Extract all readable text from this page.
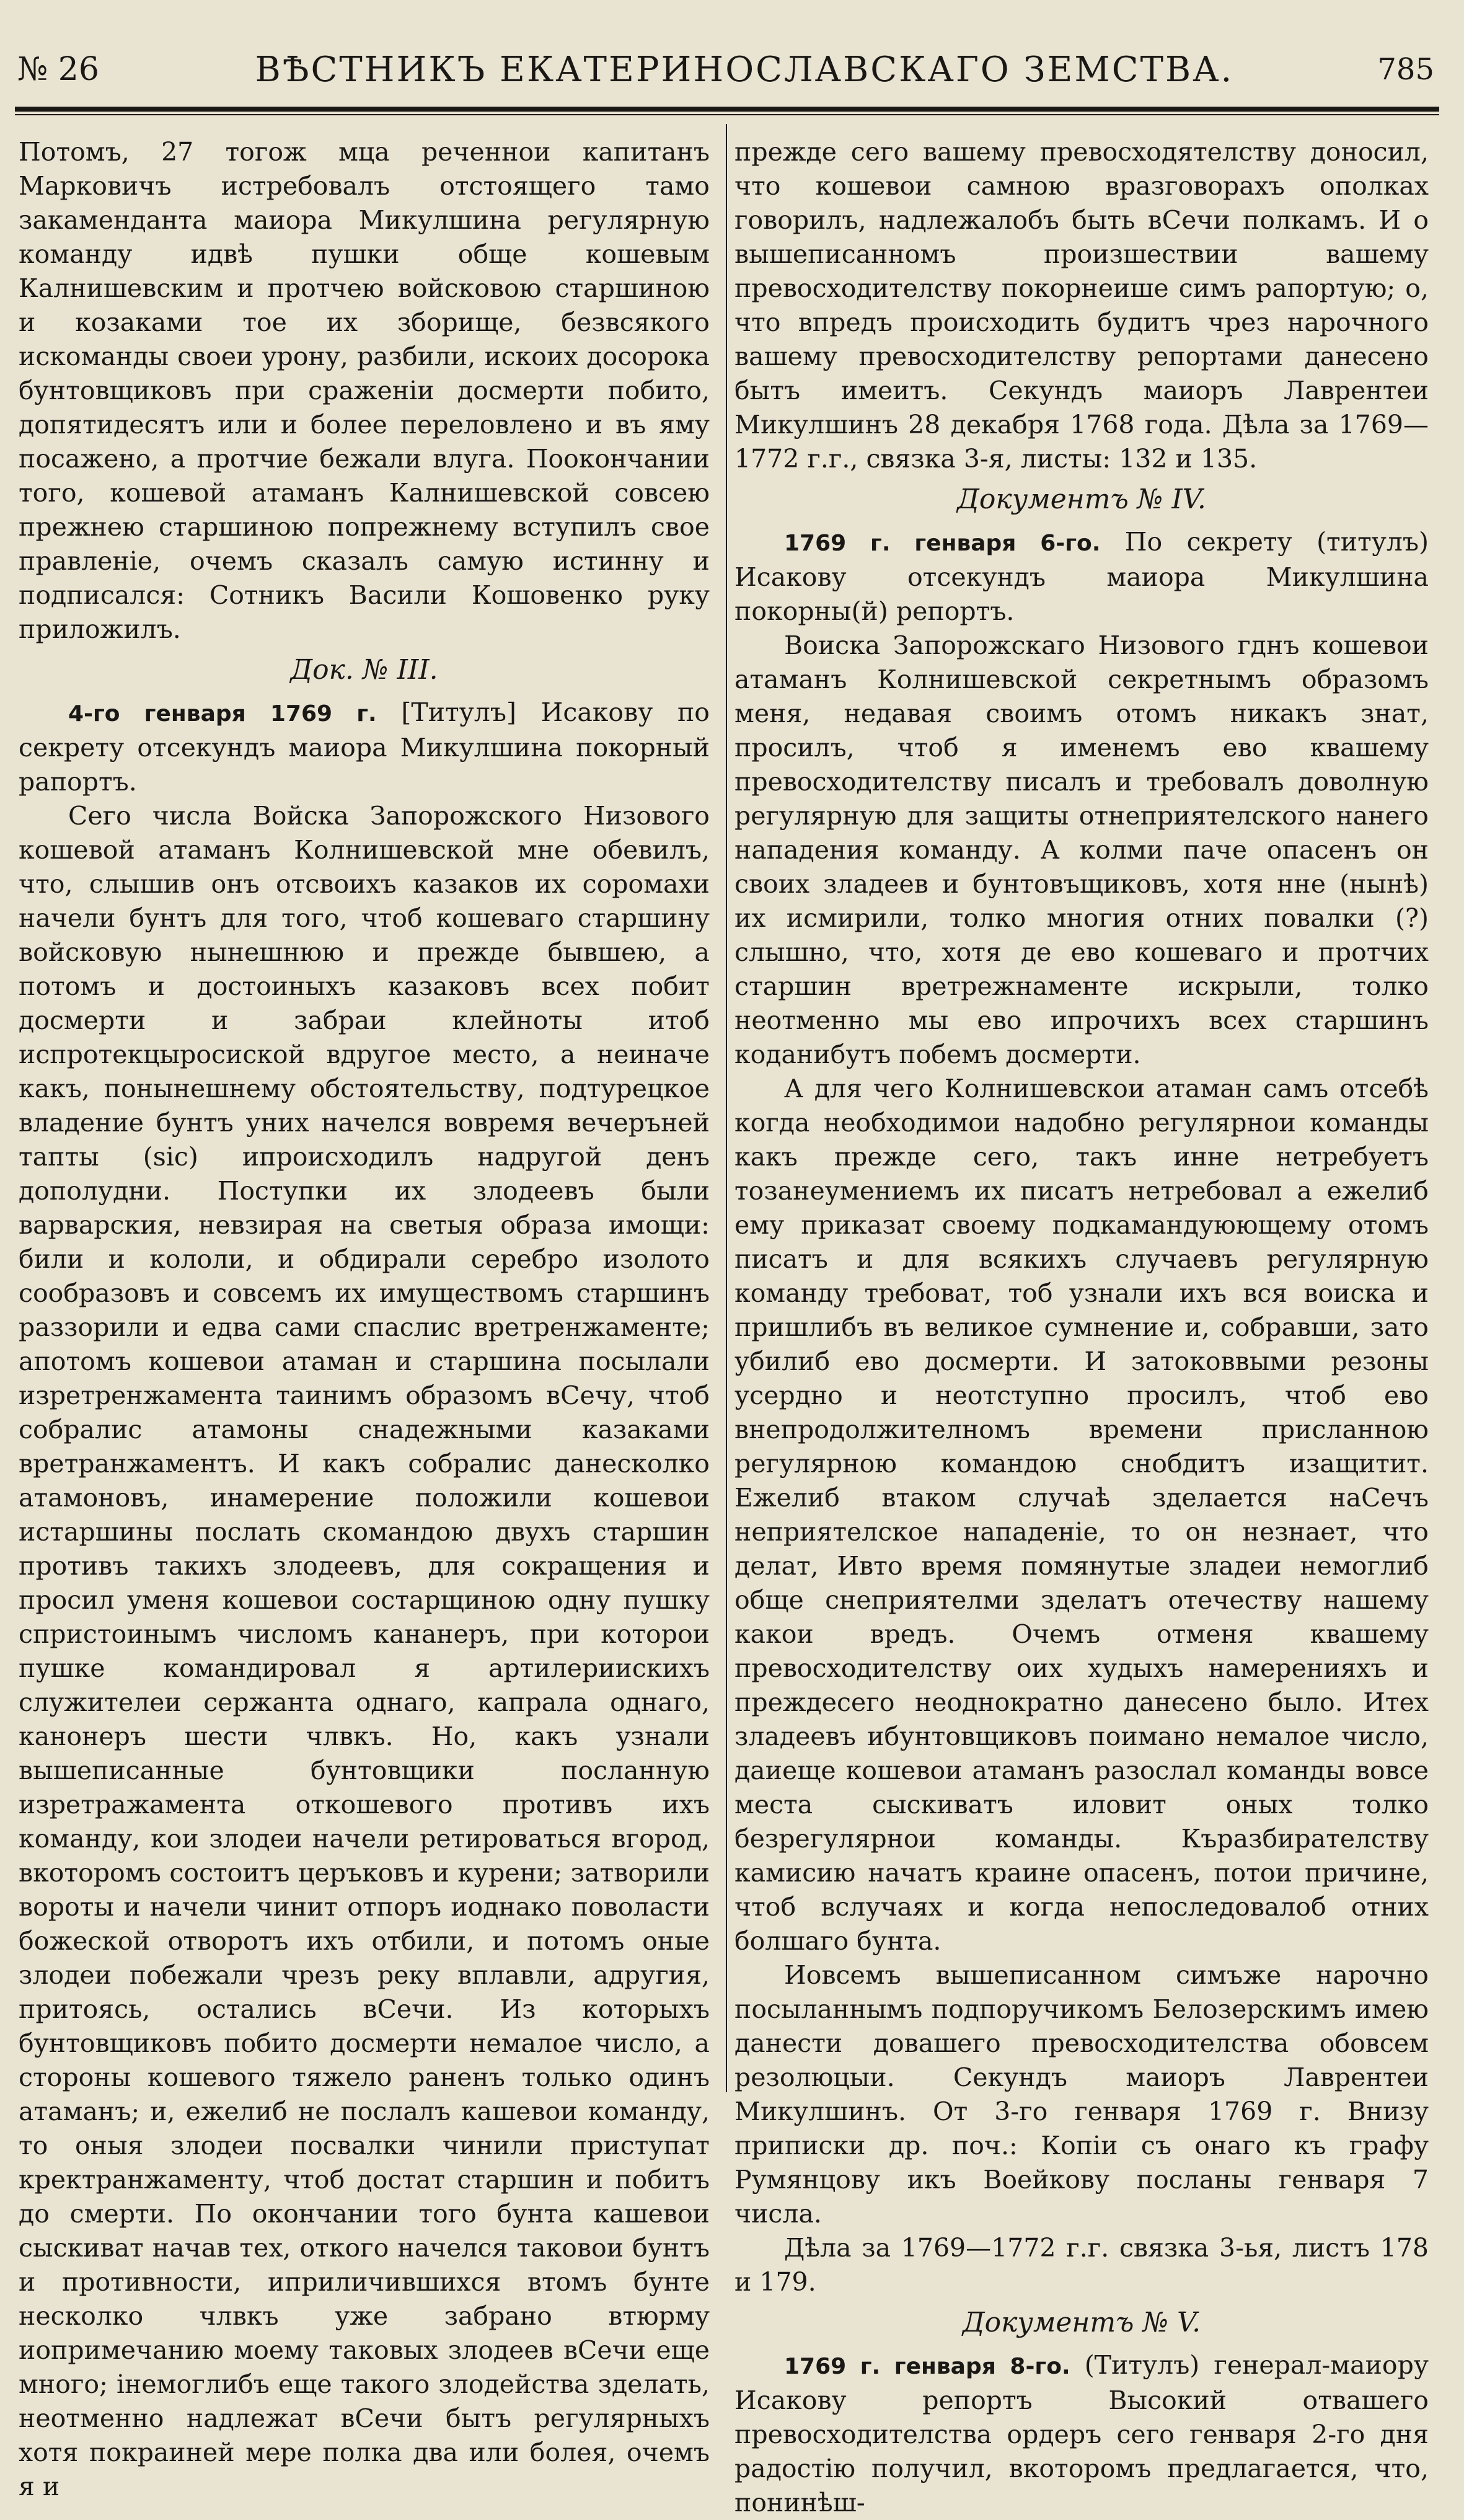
№ 26	ВѢСТНИКЪ ЕКАТЕРИНОСЛАВСКАГО ЗЕМСТВА.	785

Потомъ, 27 тогож мца реченнои капитанъ Марковичъ истребовалъ отстоящего тамо закамендантa маиора Микулшина регулярную команду идвѣ пушки обще кошевым Калнишевским и протчею войсковою старшиною и козаками тое их зборище, безвсякого искоманды своеи урону, разбили, искоих досорока бунтовщиковъ при сраженіи досмерти побито, допятидесятъ или и более переловлено и въ яму посажено, а протчие бежали влуга. Поокончании того, кошевой атаманъ Калнишевской совсею прежнею старшиною попрежнему вступилъ свое правленіе, очемъ сказалъ самую истинну и подписался: Сотникъ Васили Кошовенко руку приложилъ.

Док. № III.

4-го генваря 1769 г. [Титулъ] Исакову по секрету отсекундъ маиора Микулшина покорный рапортъ.

Сего числа Войска Запорожского Низового кошевой атаманъ Колнишевской мне обевилъ, что, слышив онъ отсвоихъ казаков их соромахи начели бунтъ для того, чтоб кошеваго старшину войсковую нынешнюю и прежде бывшею, а потомъ и достоиныхъ казаковъ всех побит досмерти и забраи клейноты итоб испротекцыросиской вдругое место, а неиначе какъ, понынешнему обстоятельству, подтурецкое владение бунтъ уних начелся вовремя вечеръней тапты (sic) ипроисходилъ надругой денъ дополудни. Поступки их злодеевъ были варварския, невзирая на светыя образа имощи: били и кололи, и обдирали серебро изолото сообразовъ и совсемъ их имуществомъ старшинъ раззорили и едва сами спаслис вретренжаменте; апотомъ кошевои атаман и старшина посылали изретренжамента таинимъ образомъ вСечу, чтоб собралис атамоны снадежными казаками вретранжаментъ. И какъ собралис данесколко атамоновъ, инамерение положили кошевои истаршины послать скомандою двухъ старшин противъ такихъ злодеевъ, для сокращения и просил уменя кошевои состарщиною одну пушку спристоинымъ числомъ кананеръ, при которои пушке командировал я артилериискихъ служителеи сержанта однаго, капрала однаго, канонеръ шести члвкъ. Но, какъ узнали вышеписанные бунтовщики посланную изретражамента откошевого противъ ихъ команду, кои злодеи начели ретироваться вгород, вкоторомъ состоитъ церъковъ и курени; затворили вороты и начели чинит отпоръ иоднако поволасти божеской отворотъ ихъ отбили, и потомъ оные злодеи побежали чрезъ реку вплавли, адругия, притоясь, остались вСечи. Из которыхъ бунтовщиковъ побито досмерти немалое число, а стороны кошевого тяжело раненъ только одинъ атаманъ; и, ежелиб не послалъ кашевои команду, то оныя злодеи посвалки чинили приступат кректранжаменту, чтоб достат старшин и побитъ до смерти. По окончании того бунта кашевои сыскиват начав тех, откого начелся таковои бунтъ и противности, иприличившихся втомъ бунте несколко члвкъ уже забрано втюрму иопримечанию моему таковых злодеев вСечи еще много; інемоглибъ еще такого злодейства зделать, неотменно надлежат вСечи бытъ регулярныхъ хотя покраиней мере полка два или болея, очемъ я и

прежде сего вашему превосходятелству доносил, что кошевои самною вразговорахъ ополках говорилъ, надлежалобъ быть вСечи полкамъ. И о вышеписанномъ произшествии вашему превосходителству покорнеише симъ рапортую; о, что впредъ происходить будитъ чрез нарочного вашему превосходителству репортами данесено бытъ имеитъ. Секундъ маиоръ Лаврентеи Микулшинъ 28 декабря 1768 года. Дѣла за 1769—1772 г.г., связка 3-я, листы: 132 и 135.

Документъ № IV.

1769 г. генваря 6-го. По секрету (титулъ) Исакову отсекундъ маиора Микулшина покорны(й) репортъ.

Воиска Запорожскаго Низового гднъ кошевои атаманъ Колнишевской секретнымъ образомъ меня, недавая своимъ отомъ никакъ знат, просилъ, чтоб я именемъ ево квашему превосходителству писалъ и требовалъ доволную регулярную для защиты отнеприятелского нанего нападения команду. А колми паче опасенъ он своих зладеев и бунтовъщиковъ, хотя нне (нынѣ) их исмирили, толко многия отних повалки (?) слышно, что, хотя де ево кошеваго и протчих старшин вретрежнаменте искрыли, толко неотменно мы ево ипрочихъ всех старшинъ коданибутъ побемъ досмерти.

А для чего Колнишевскои атаман самъ отсебѣ когда необходимои надобно регулярнои команды какъ прежде сего, такъ инне нетребуетъ тозанеумениемъ их писатъ нетребовал а ежелиб ему приказат своему подкамандуюющему отомъ писатъ и для всякихъ случаевъ регулярную команду требоват, тоб узнали ихъ вся воиска и пришлибъ въ великое сумнение и, собравши, зато убилиб ево досмерти. И затоковвыми резоны усердно и неотступно просилъ, чтоб ево внепродолжителномъ времени присланною регулярною командою снобдитъ изащитит. Ежелиб втаком случаѣ зделается наСечъ неприятелское нападеніе, то он незнает, что делат, Ивто время помянутые зладеи немоглиб обще снеприятелми зделатъ отечеству нашему какои вредъ. Очемъ отменя квашему превосходителству оих худыхъ намеренияхъ и преждесего неоднократно данесено было. Итех зладеевъ ибунтовщиковъ поимано немалое число, даиеще кошевои атаманъ разослал команды вовсе места сыскиватъ иловит оных толко безрегулярнои команды. Къразбирателству камисию начатъ краине опасенъ, потои причине, чтоб вслучаях и когда непоследовалоб отних болшаго бунта.

Иовсемъ вышеписанном симъже нарочно посыланнымъ подпоручикомъ Белозерскимъ имею данести довашего превосходителства обовсем резолюцыи. Секундъ маиоръ Лаврентеи Микулшинъ. От 3-го генваря 1769 г. Внизу приписки др. поч.: Копіи съ онаго къ графу Румянцову икъ Воейкову посланы генваря 7 числа.

Дѣла за 1769—1772 г.г. связка 3-ья, листъ 178 и 179.

Документъ № V.

1769 г. генваря 8-го. (Титулъ) генерал-маиору Исакову репортъ Высокий отвашего превосходителства ордеръ сего генваря 2-го дня радостію получил, вкоторомъ предлагается, что, понинѣш-
